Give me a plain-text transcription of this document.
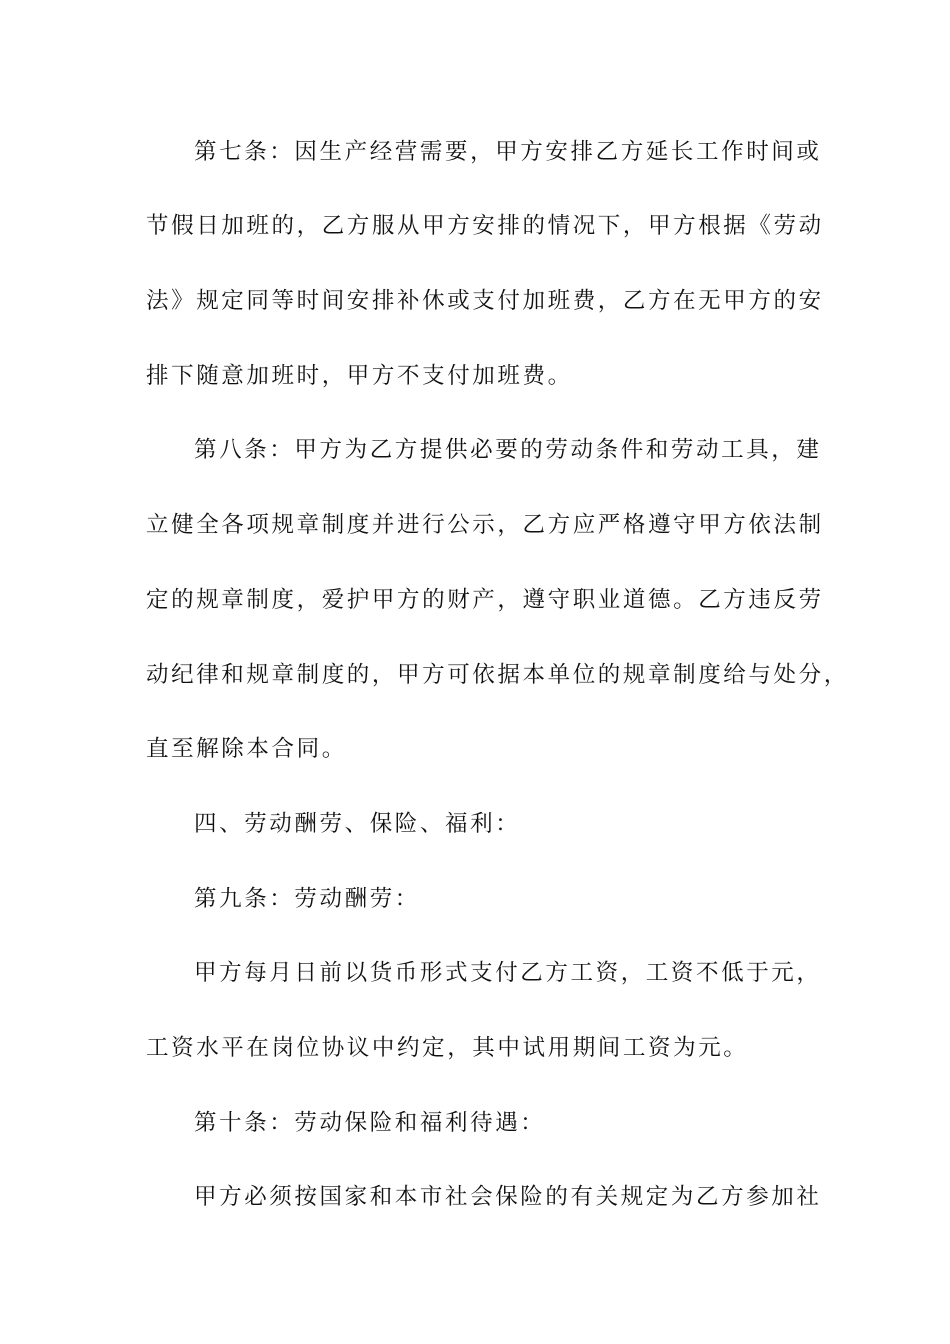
第七条：因生产经营需要，甲方安排乙方延长工作时间或

节假日加班的，乙方服从甲方安排的情况下，甲方根据《劳动

法》规定同等时间安排补休或支付加班费，乙方在无甲方的安

排下随意加班时，甲方不支付加班费。

第八条：甲方为乙方提供必要的劳动条件和劳动工具，建

立健全各项规章制度并进行公示，乙方应严格遵守甲方依法制

定的规章制度，爱护甲方的财产，遵守职业道德。乙方违反劳

动纪律和规章制度的，甲方可依据本单位的规章制度给与处分，

直至解除本合同。

四、劳动酬劳、保险、福利：

第九条：劳动酬劳：

甲方每月日前以货币形式支付乙方工资，工资不低于元，

工资水平在岗位协议中约定，其中试用期间工资为元。

第十条：劳动保险和福利待遇：

甲方必须按国家和本市社会保险的有关规定为乙方参加社
